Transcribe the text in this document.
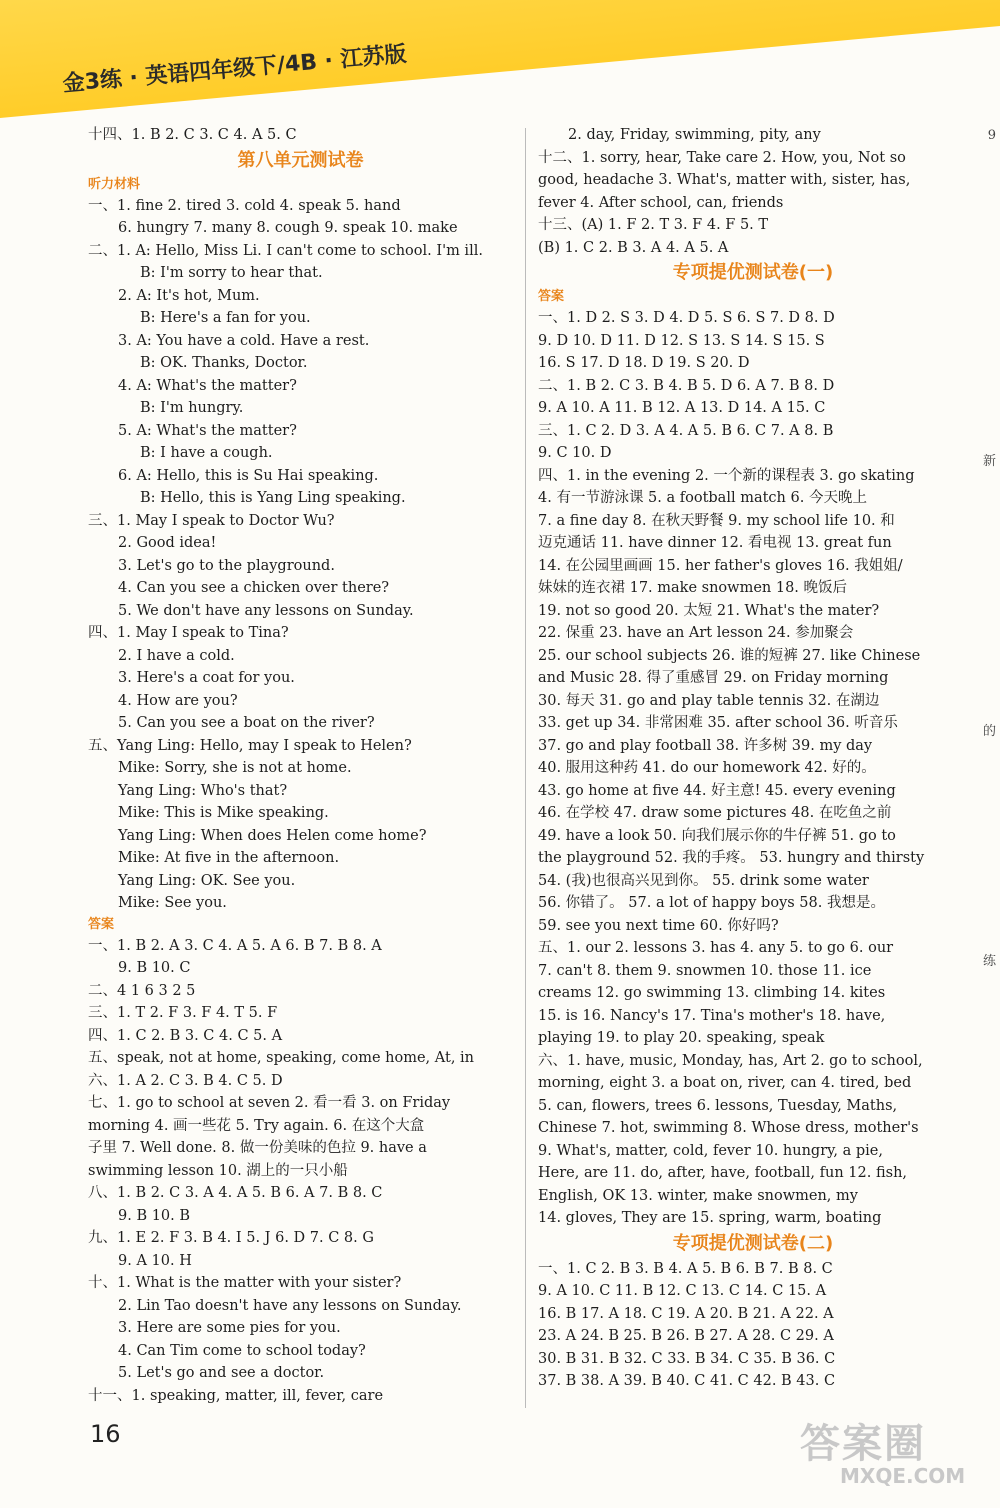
金3练 · 英语四年级下/4B · 江苏版
十四、1. B 2. C 3. C 4. A 5. C
第八单元测试卷
听力材料
一、1. fine 2. tired 3. cold 4. speak 5. hand
6. hungry 7. many 8. cough 9. speak 10. make
二、1. A: Hello, Miss Li. I can't come to school. I'm ill.
B: I'm sorry to hear that.
2. A: It's hot, Mum.
B: Here's a fan for you.
3. A: You have a cold. Have a rest.
B: OK. Thanks, Doctor.
4. A: What's the matter?
B: I'm hungry.
5. A: What's the matter?
B: I have a cough.
6. A: Hello, this is Su Hai speaking.
B: Hello, this is Yang Ling speaking.
三、1. May I speak to Doctor Wu?
2. Good idea!
3. Let's go to the playground.
4. Can you see a chicken over there?
5. We don't have any lessons on Sunday.
四、1. May I speak to Tina?
2. I have a cold.
3. Here's a coat for you.
4. How are you?
5. Can you see a boat on the river?
五、Yang Ling: Hello, may I speak to Helen?
Mike: Sorry, she is not at home.
Yang Ling: Who's that?
Mike: This is Mike speaking.
Yang Ling: When does Helen come home?
Mike: At five in the afternoon.
Yang Ling: OK. See you.
Mike: See you.
答案
一、1. B 2. A 3. C 4. A 5. A 6. B 7. B 8. A
9. B 10. C
二、4 1 6 3 2 5
三、1. T 2. F 3. F 4. T 5. F
四、1. C 2. B 3. C 4. C 5. A
五、speak, not at home, speaking, come home, At, in
六、1. A 2. C 3. B 4. C 5. D
七、1. go to school at seven 2. 看一看 3. on Friday
morning 4. 画一些花 5. Try again. 6. 在这个大盒
子里 7. Well done. 8. 做一份美味的色拉 9. have a
swimming lesson 10. 湖上的一只小船
八、1. B 2. C 3. A 4. A 5. B 6. A 7. B 8. C
9. B 10. B
九、1. E 2. F 3. B 4. I 5. J 6. D 7. C 8. G
9. A 10. H
十、1. What is the matter with your sister?
2. Lin Tao doesn't have any lessons on Sunday.
3. Here are some pies for you.
4. Can Tim come to school today?
5. Let's go and see a doctor.
十一、1. speaking, matter, ill, fever, care
2. day, Friday, swimming, pity, any
十二、1. sorry, hear, Take care 2. How, you, Not so
good, headache 3. What's, matter with, sister, has,
fever 4. After school, can, friends
十三、(A) 1. F 2. T 3. F 4. F 5. T
(B) 1. C 2. B 3. A 4. A 5. A
专项提优测试卷(一)
答案
一、1. D 2. S 3. D 4. D 5. S 6. S 7. D 8. D
9. D 10. D 11. D 12. S 13. S 14. S 15. S
16. S 17. D 18. D 19. S 20. D
二、1. B 2. C 3. B 4. B 5. D 6. A 7. B 8. D
9. A 10. A 11. B 12. A 13. D 14. A 15. C
三、1. C 2. D 3. A 4. A 5. B 6. C 7. A 8. B
9. C 10. D
四、1. in the evening 2. 一个新的课程表 3. go skating
4. 有一节游泳课 5. a football match 6. 今天晚上
7. a fine day 8. 在秋天野餐 9. my school life 10. 和
迈克通话 11. have dinner 12. 看电视 13. great fun
14. 在公园里画画 15. her father's gloves 16. 我姐姐/
妹妹的连衣裙 17. make snowmen 18. 晚饭后
19. not so good 20. 太短 21. What's the mater?
22. 保重 23. have an Art lesson 24. 参加聚会
25. our school subjects 26. 谁的短裤 27. like Chinese
and Music 28. 得了重感冒 29. on Friday morning
30. 每天 31. go and play table tennis 32. 在湖边
33. get up 34. 非常困难 35. after school 36. 听音乐
37. go and play football 38. 许多树 39. my day
40. 服用这种药 41. do our homework 42. 好的。
43. go home at five 44. 好主意! 45. every evening
46. 在学校 47. draw some pictures 48. 在吃鱼之前
49. have a look 50. 向我们展示你的牛仔裤 51. go to
the playground 52. 我的手疼。 53. hungry and thirsty
54. (我)也很高兴见到你。 55. drink some water
56. 你错了。 57. a lot of happy boys 58. 我想是。
59. see you next time 60. 你好吗?
五、1. our 2. lessons 3. has 4. any 5. to go 6. our
7. can't 8. them 9. snowmen 10. those 11. ice
creams 12. go swimming 13. climbing 14. kites
15. is 16. Nancy's 17. Tina's mother's 18. have,
playing 19. to play 20. speaking, speak
六、1. have, music, Monday, has, Art 2. go to school,
morning, eight 3. a boat on, river, can 4. tired, bed
5. can, flowers, trees 6. lessons, Tuesday, Maths,
Chinese 7. hot, swimming 8. Whose dress, mother's
9. What's, matter, cold, fever 10. hungry, a pie,
Here, are 11. do, after, have, football, fun 12. fish,
English, OK 13. winter, make snowmen, my
14. gloves, They are 15. spring, warm, boating
专项提优测试卷(二)
一、1. C 2. B 3. B 4. A 5. B 6. B 7. B 8. C
9. A 10. C 11. B 12. C 13. C 14. C 15. A
16. B 17. A 18. C 19. A 20. B 21. A 22. A
23. A 24. B 25. B 26. B 27. A 28. C 29. A
30. B 31. B 32. C 33. B 34. C 35. B 36. C
37. B 38. A 39. B 40. C 41. C 42. B 43. C
16
9
新
的
练
答案圈
MXQE.COM
